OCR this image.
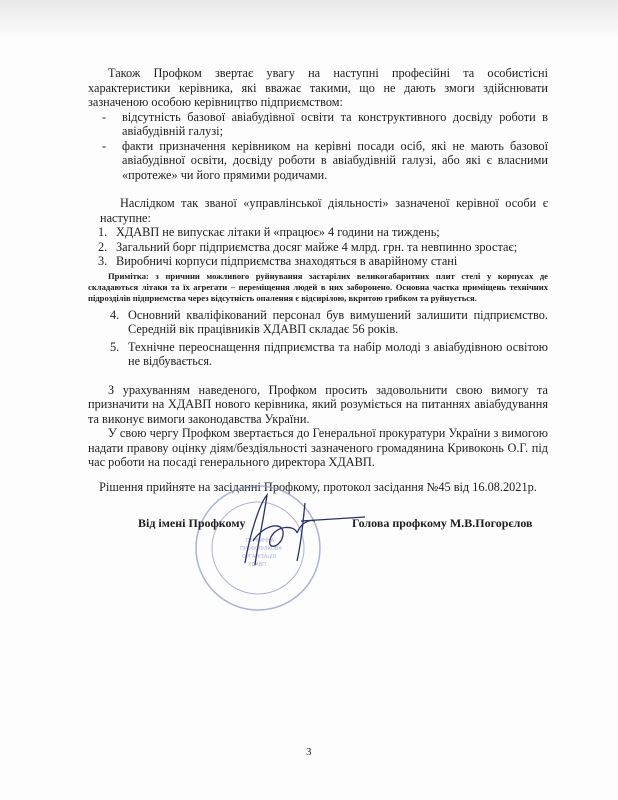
Також Профком звертає увагу на наступні професійні та особистісні характеристики керівника, які вважає такими, що не дають змоги здійснювати зазначеною особою керівництво підприємством:
- відсутність базової авіабудівної освіти та конструктивного досвіду роботи в авіабудівній галузі;
- факти призначення керівником на керівні посади осіб, які не мають базової авіабудівної освіти, досвіду роботи в авіабудівній галузі, або які є власними «протеже» чи його прямими родичами.
Наслідком так званої «управлінської діяльності» зазначеної керівної особи є наступне:
1. ХДАВП не випускає літаки й «працює» 4 години на тиждень;
2. Загальний борг підприємства досяг майже 4 млрд. грн. та невпинно зростає;
3. Виробничі корпуси підприємства знаходяться в аварійному стані
Примітка: з причини можливого руйнування застарілих великогабаритних плит стелі у корпусах де складаються літаки та їх агрегати – переміщення людей в них заборонено. Основна частка приміщень технічних підрозділів підприємства через відсутність опалення є відсирілою, вкритою грибком та руйнується.
4. Основний кваліфікований персонал був вимушений залишити підприємство. Середній вік працівників ХДАВП складає 56 років.
5. Технічне переоснащення підприємства та набір молоді з авіабудівною освітою не відбувається.
З урахуванням наведеного, Профком просить задовольнити свою вимогу та призначити на ХДАВП нового керівника, який розуміється на питаннях авіабудування та виконує вимоги законодавства України.
У свою чергу Профком звертається до Генеральної прокуратури України з вимогою надати правову оцінку діям/бездіяльності зазначеного громадянина Кривоконь О.Г. під час роботи на посаді генерального директора ХДАВП.
Рішення прийняте на засіданні Профкому, протокол засідання №45 від 16.08.2021р.
ПЕРВИННА
ПРОФСПІЛКОВА
ОРГАНІЗАЦІЯ
ХДАВП
Від імені Профкому	Голова профкому М.В.Погорєлов
3
